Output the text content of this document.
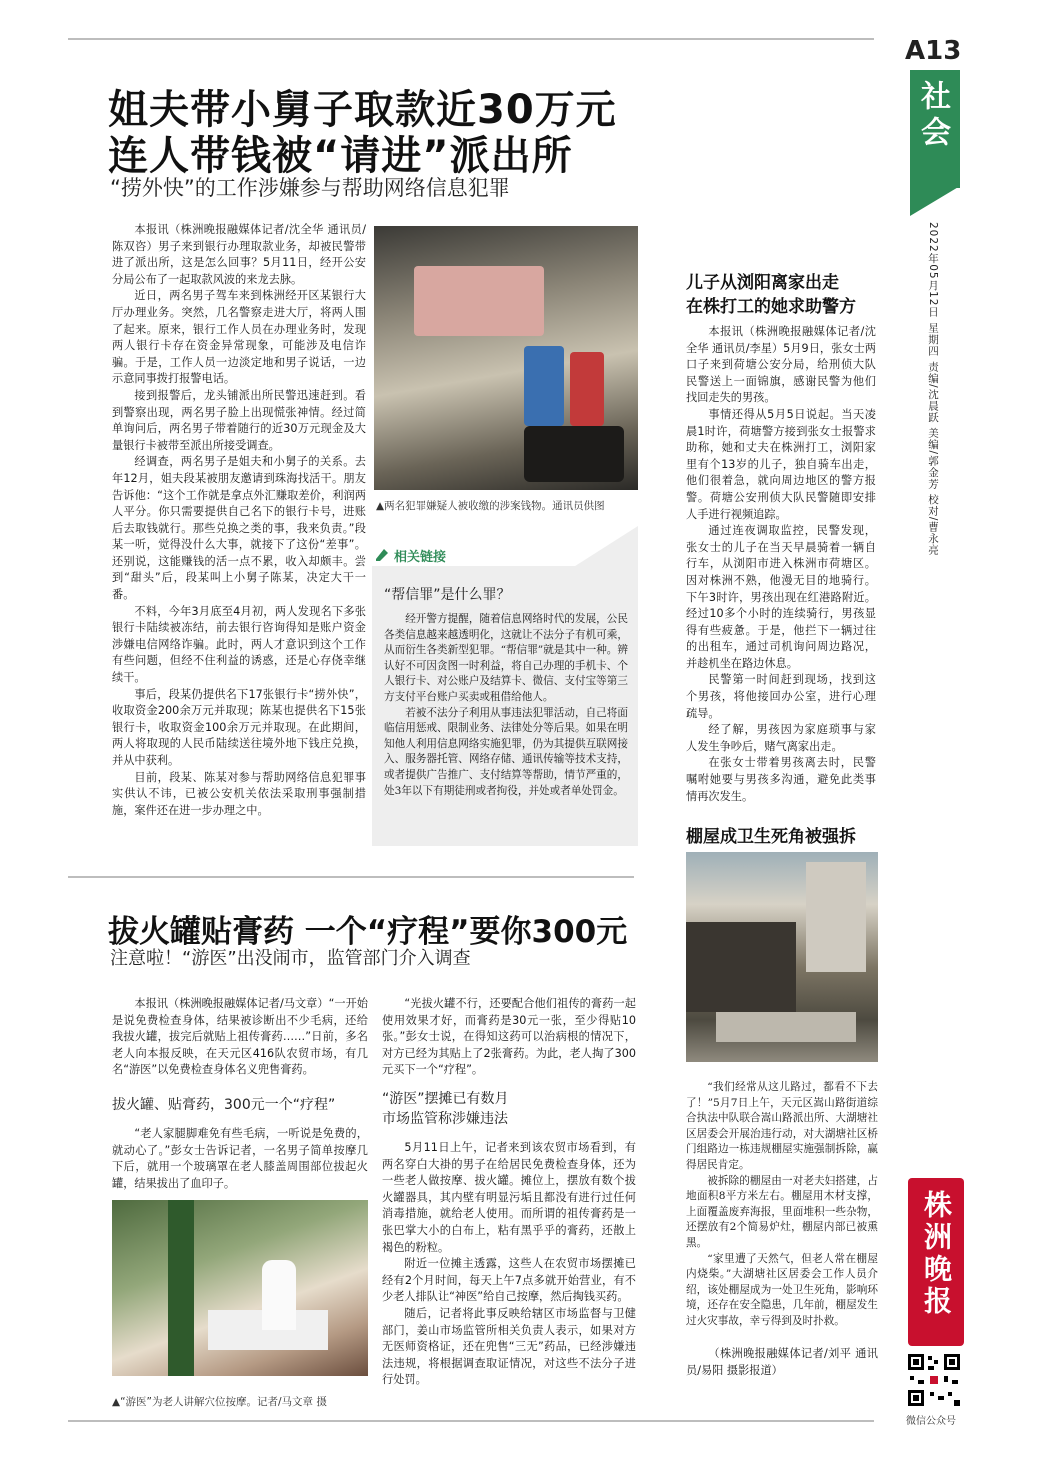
A13
社会
2022年05月12日 星期四 责编/沈晨跃 美编/郭金芳 校对/曹永亮
姐夫带小舅子取款近30万元
连人带钱被“请进”派出所
“捞外快”的工作涉嫌参与帮助网络信息犯罪

本报讯（株洲晚报融媒体记者/沈全华 通讯员/陈双咨）男子来到银行办理取款业务，却被民警带进了派出所，这是怎么回事？5月11日，经开公安分局公布了一起取款风波的来龙去脉。

近日，两名男子驾车来到株洲经开区某银行大厅办理业务。突然，几名警察走进大厅，将两人围了起来。原来，银行工作人员在办理业务时，发现两人银行卡存在资金异常现象，可能涉及电信诈骗。于是，工作人员一边淡定地和男子说话，一边示意同事拨打报警电话。

接到报警后，龙头铺派出所民警迅速赶到。看到警察出现，两名男子脸上出现慌张神情。经过简单询问后，两名男子带着随行的近30万元现金及大量银行卡被带至派出所接受调查。

经调查，两名男子是姐夫和小舅子的关系。去年12月，姐夫段某被朋友邀请到珠海找活干。朋友告诉他：“这个工作就是拿点外汇赚取差价，利润两人平分。你只需要提供自己名下的银行卡号，进账后去取钱就行。那些兑换之类的事，我来负责。”段某一听，觉得没什么大事，就接下了这份“差事”。还别说，这能赚钱的活一点不累，收入却颇丰。尝到“甜头”后，段某叫上小舅子陈某，决定大干一番。

不料，今年3月底至4月初，两人发现名下多张银行卡陆续被冻结，前去银行咨询得知是账户资金涉嫌电信网络诈骗。此时，两人才意识到这个工作有些问题，但经不住利益的诱惑，还是心存侥幸继续干。

事后，段某仍提供名下17张银行卡“捞外快”，收取资金200余万元并取现；陈某也提供名下15张银行卡，收取资金100余万元并取现。在此期间，两人将取现的人民币陆续送往境外地下钱庄兑换，并从中获利。

目前，段某、陈某对参与帮助网络信息犯罪事实供认不讳，已被公安机关依法采取刑事强制措施，案件还在进一步办理之中。

▲两名犯罪嫌疑人被收缴的涉案钱物。通讯员供图
相关链接
“帮信罪”是什么罪？

经开警方提醒，随着信息网络时代的发展，公民各类信息越来越透明化，这就让不法分子有机可乘，从而衍生各类新型犯罪。“帮信罪”就是其中一种。辨认好不可因贪图一时利益，将自己办理的手机卡、个人银行卡、对公账户及结算卡、微信、支付宝等第三方支付平台账户买卖或租借给他人。

若被不法分子利用从事违法犯罪活动，自己将面临信用惩戒、限制业务、法律处分等后果。如果在明知他人利用信息网络实施犯罪，仍为其提供互联网接入、服务器托管、网络存储、通讯传输等技术支持，或者提供广告推广、支付结算等帮助，情节严重的，处3年以下有期徒刑或者拘役，并处或者单处罚金。

儿子从浏阳离家出走
在株打工的她求助警方

本报讯（株洲晚报融媒体记者/沈全华 通讯员/李星）5月9日，张女士两口子来到荷塘公安分局，给刑侦大队民警送上一面锦旗，感谢民警为他们找回走失的男孩。

事情还得从5月5日说起。当天凌晨1时许，荷塘警方接到张女士报警求助称，她和丈夫在株洲打工，浏阳家里有个13岁的儿子，独自骑车出走，他们很着急，就向周边地区的警方报警。荷塘公安刑侦大队民警随即安排人手进行视频追踪。

通过连夜调取监控，民警发现，张女士的儿子在当天早晨骑着一辆自行车，从浏阳市进入株洲市荷塘区。因对株洲不熟，他漫无目的地骑行。下午3时许，男孩出现在红港路附近。经过10多个小时的连续骑行，男孩显得有些疲惫。于是，他拦下一辆过往的出租车，通过司机询问周边路况，并趁机坐在路边休息。

民警第一时间赶到现场，找到这个男孩，将他接回办公室，进行心理疏导。

经了解，男孩因为家庭琐事与家人发生争吵后，赌气离家出走。

在张女士带着男孩离去时，民警嘱咐她要与男孩多沟通，避免此类事情再次发生。

棚屋成卫生死角被强拆

“我们经常从这儿路过，都看不下去了！”5月7日上午，天元区嵩山路街道综合执法中队联合嵩山路派出所、大湖塘社区居委会开展治违行动，对大湖塘社区桥门组路边一栋违规棚屋实施强制拆除，赢得居民肯定。

被拆除的棚屋由一对老夫妇搭建，占地面积8平方米左右。棚屋用木材支撑，上面覆盖废弃海报，里面堆积一些杂物，还摆放有2个简易炉灶，棚屋内部已被熏黑。

“家里遭了天然气，但老人常在棚屋内烧柴。”大湖塘社区居委会工作人员介绍，该处棚屋成为一处卫生死角，影响环境，还存在安全隐患，几年前，棚屋发生过火灾事故，幸亏得到及时扑救。

（株洲晚报融媒体记者/刘平 通讯员/易阳 摄影报道）

拔火罐贴膏药 一个“疗程”要你300元
注意啦！“游医”出没闹市，监管部门介入调查

本报讯（株洲晚报融媒体记者/马文章）“一开始是说免费检查身体，结果被诊断出不少毛病，还给我拔火罐，拔完后就贴上祖传膏药……”日前，多名老人向本报反映，在天元区416队农贸市场，有几名“游医”以免费检查身体名义兜售膏药。

拔火罐、贴膏药，300元一个“疗程”

“老人家腿脚难免有些毛病，一听说是免费的，就动心了。”彭女士告诉记者，一名男子简单按摩几下后，就用一个玻璃罩在老人膝盖周围部位拔起火罐，结果拔出了血印子。

▲“游医”为老人讲解穴位按摩。记者/马文章 摄

“光拔火罐不行，还要配合他们祖传的膏药一起使用效果才好，而膏药是30元一张，至少得贴10张。”彭女士说，在得知这药可以治病根的情况下，对方已经为其贴上了2张膏药。为此，老人掏了300元买下一个“疗程”。

“游医”摆摊已有数月
市场监管称涉嫌违法

5月11日上午，记者来到该农贸市场看到，有两名穿白大褂的男子在给居民免费检查身体，还为一些老人做按摩、拔火罐。摊位上，摆放有数个拔火罐器具，其内壁有明显污垢且都没有进行过任何消毒措施，就给老人使用。而所谓的祖传膏药是一张巴掌大小的白布上，粘有黑乎乎的膏药，还散上褐色的粉粒。

附近一位摊主透露，这些人在农贸市场摆摊已经有2个月时间，每天上午7点多就开始营业，有不少老人排队让“神医”给自己按摩，然后掏钱买药。

随后，记者将此事反映给辖区市场监督与卫健部门，姜山市场监管所相关负责人表示，如果对方无医师资格证，还在兜售“三无”药品，已经涉嫌违法违规，将根据调查取证情况，对这些不法分子进行处罚。

株洲晚报
微信公众号
